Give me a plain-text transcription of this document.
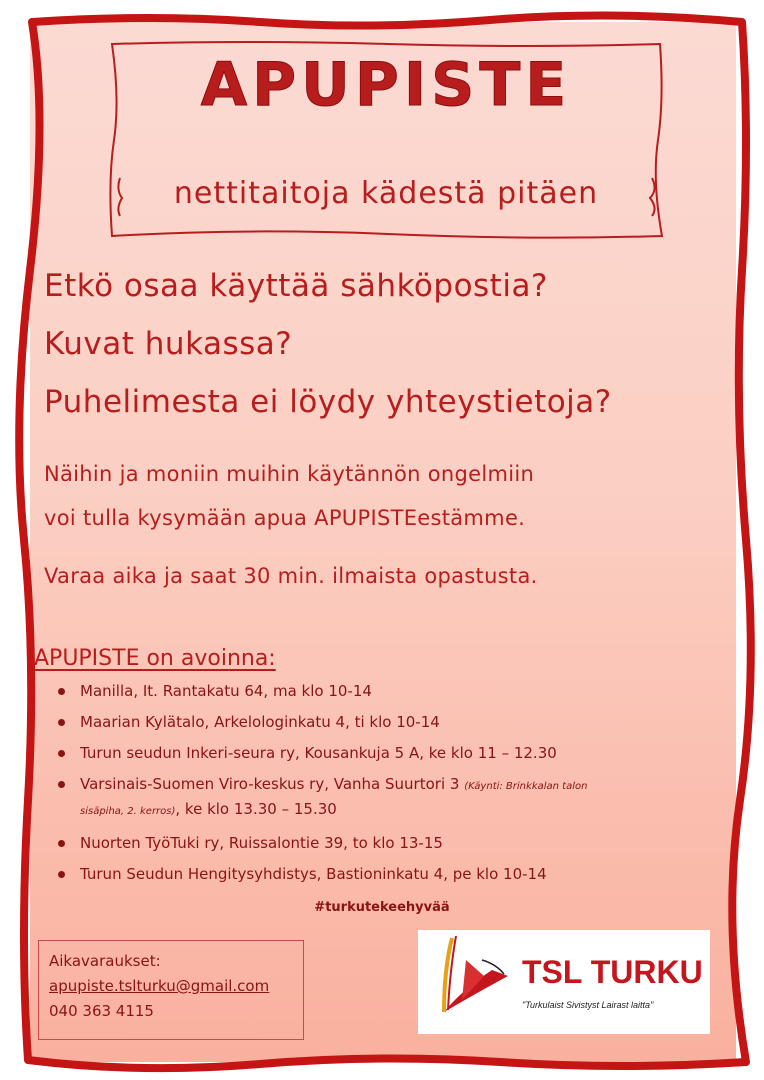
APUPISTE
nettitaitoja kädestä pitäen
Etkö osaa käyttää sähköpostia?
Kuvat hukassa?
Puhelimesta ei löydy yhteystietoja?
Näihin ja moniin muihin käytännön ongelmiin
voi tulla kysymään apua APUPISTEestämme.
Varaa aika ja saat 30 min. ilmaista opastusta.
APUPISTE on avoinna:
Manilla, It. Rantakatu 64, ma klo 10-14
Maarian Kylätalo, Arkelologinkatu 4, ti klo 10-14
Turun seudun Inkeri-seura ry, Kousankuja 5 A, ke klo 11 – 12.30
Varsinais-Suomen Viro-keskus ry, Vanha Suurtori 3 (Käynti: Brinkkalan talon
sisäpiha, 2. kerros), ke klo 13.30 – 15.30
Nuorten TyöTuki ry, Ruissalontie 39, to klo 13-15
Turun Seudun Hengitysyhdistys, Bastioninkatu 4, pe klo 10-14
#turkutekeehyvää
Aikavaraukset:
apupiste.tslturku@gmail.com
040 363 4115
TSL TURKU
"Turkulaist Sivistyst Lairast laitta"
